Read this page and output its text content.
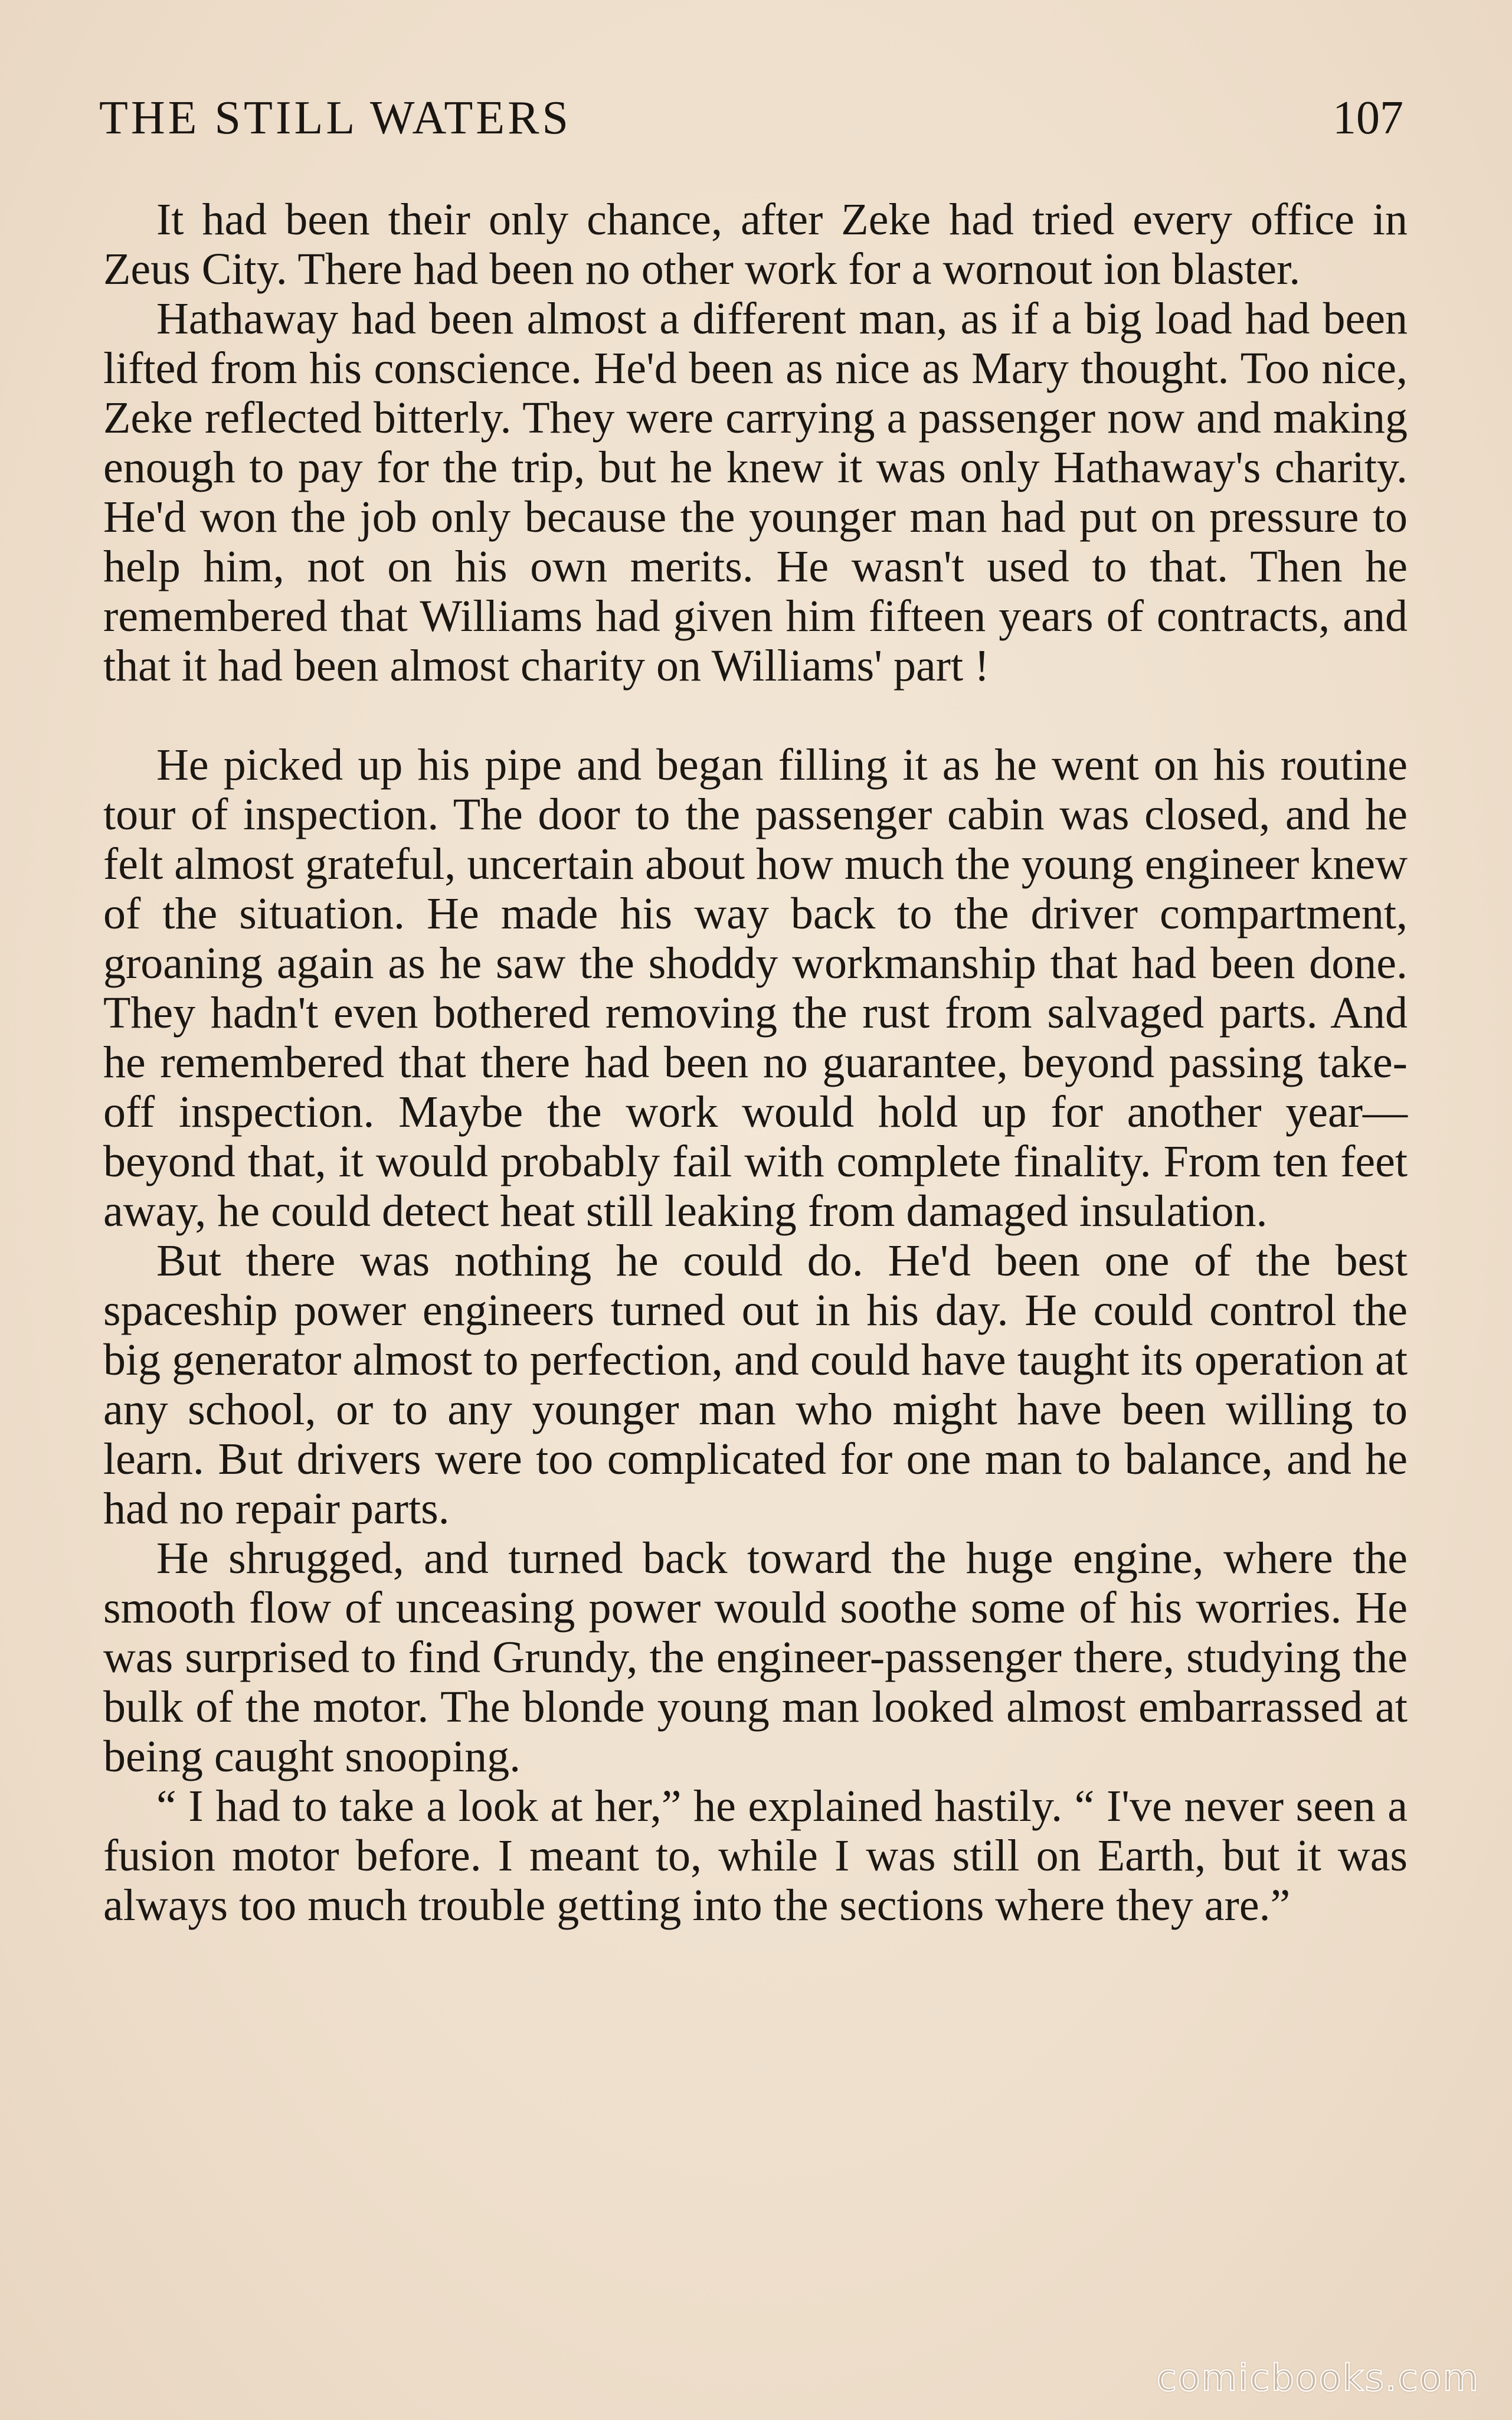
THE STILL WATERS	107

It had been their only chance, after Zeke had tried every office in Zeus City. There had been no other work for a wornout ion blaster.

Hathaway had been almost a different man, as if a big load had been lifted from his conscience. He'd been as nice as Mary thought. Too nice, Zeke reflected bitterly. They were carrying a passenger now and making enough to pay for the trip, but he knew it was only Hathaway's charity. He'd won the job only because the younger man had put on pressure to help him, not on his own merits. He wasn't used to that. Then he remembered that Williams had given him fifteen years of contracts, and that it had been almost charity on Williams' part !

He picked up his pipe and began filling it as he went on his routine tour of inspection. The door to the passenger cabin was closed, and he felt almost grateful, uncertain about how much the young engineer knew of the situation. He made his way back to the driver compartment, groaning again as he saw the shoddy workmanship that had been done. They hadn't even bothered removing the rust from salvaged parts. And he remembered that there had been no guarantee, beyond passing take-off inspection. Maybe the work would hold up for another year—beyond that, it would probably fail with complete finality. From ten feet away, he could detect heat still leaking from damaged insulation.

But there was nothing he could do. He'd been one of the best spaceship power engineers turned out in his day. He could control the big generator almost to perfection, and could have taught its operation at any school, or to any younger man who might have been willing to learn. But drivers were too complicated for one man to balance, and he had no repair parts.

He shrugged, and turned back toward the huge engine, where the smooth flow of unceasing power would soothe some of his worries. He was surprised to find Grundy, the engineer-passenger there, studying the bulk of the motor. The blonde young man looked almost embarrassed at being caught snooping.

“ I had to take a look at her,” he explained hastily. “ I've never seen a fusion motor before. I meant to, while I was still on Earth, but it was always too much trouble getting into the sections where they are.”

comicbooks.com
